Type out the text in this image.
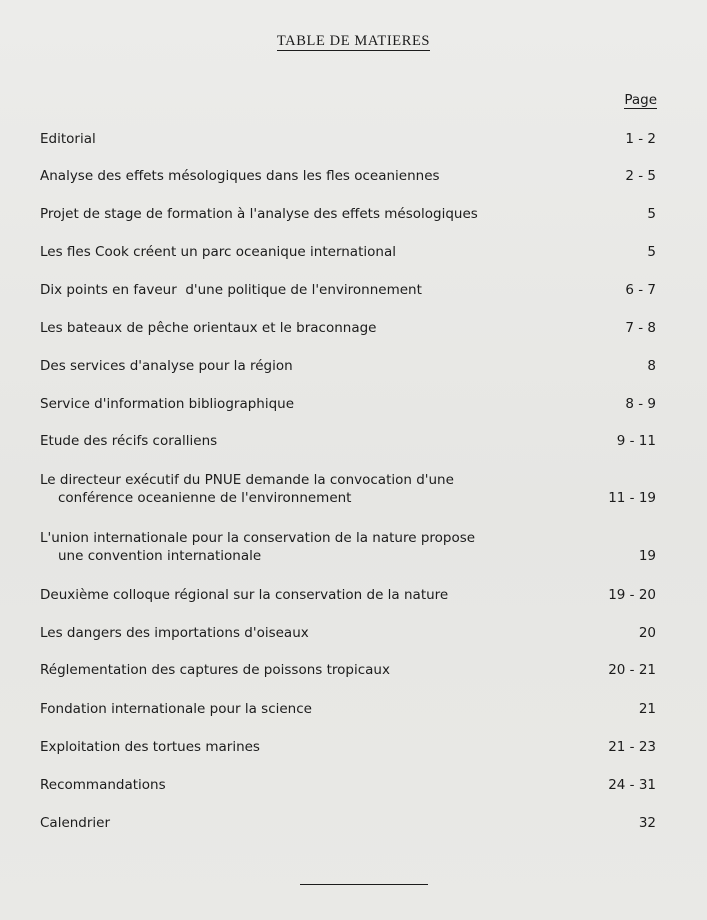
TABLE DE MATIERES
Page
Editorial	1 - 2
Analyse des effets mésologiques dans les fles oceaniennes	2 - 5
Projet de stage de formation à l'analyse des effets mésologiques	5
Les fles Cook créent un parc oceanique international	5
Dix points en faveur  d'une politique de l'environnement	6 - 7
Les bateaux de pêche orientaux et le braconnage	7 - 8
Des services d'analyse pour la région	8
Service d'information bibliographique	8 - 9
Etude des récifs coralliens	9 - 11
Le directeur exécutif du PNUE demande la convocation d'une
conférence oceanienne de l'environnement	11 - 19
L'union internationale pour la conservation de la nature propose
une convention internationale	19
Deuxième colloque régional sur la conservation de la nature	19 - 20
Les dangers des importations d'oiseaux	20
Réglementation des captures de poissons tropicaux	20 - 21
Fondation internationale pour la science	21
Exploitation des tortues marines	21 - 23
Recommandations	24 - 31
Calendrier	32
